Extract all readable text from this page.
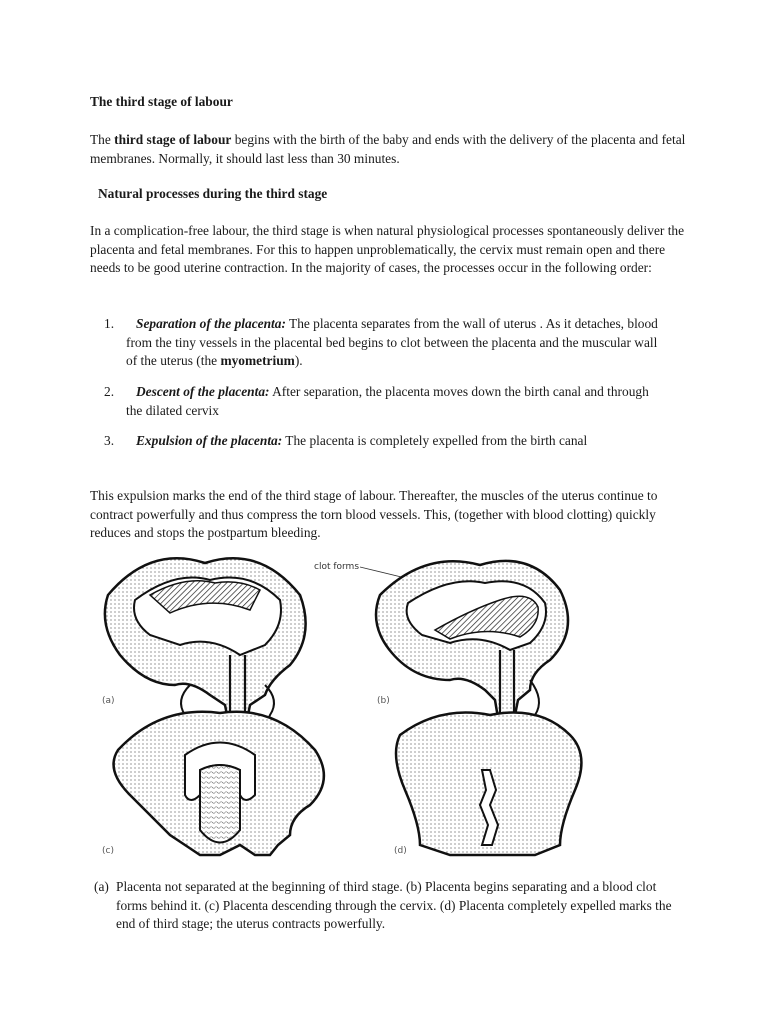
The third stage of labour

The third stage of labour begins with the birth of the baby and ends with the delivery of the placenta and fetal membranes. Normally, it should last less than 30 minutes.

Natural processes during the third stage

In a complication-free labour, the third stage is when natural physiological processes spontaneously deliver the placenta and fetal membranes. For this to happen unproblematically, the cervix must remain open and there needs to be good uterine contraction. In the majority of cases, the processes occur in the following order:

1.	Separation of the placenta: The placenta separates from the wall of uterus . As it detaches, blood from the tiny vessels in the placental bed begins to clot between the placenta and the muscular wall of the uterus (the myometrium).
2.	Descent of the placenta: After separation, the placenta moves down the birth canal and through the dilated cervix
3.	Expulsion of the placenta: The placenta is completely expelled from the birth canal

This expulsion marks the end of the third stage of labour. Thereafter, the muscles of the uterus continue to contract powerfully and thus compress the torn blood vessels. This, (together with blood clotting) quickly reduces and stops the postpartum bleeding.

(a)
clot forms
(b)
(c)	(d)
(a) Placenta not separated at the beginning of third stage. (b) Placenta begins separating and a blood clot forms behind it. (c) Placenta descending through the cervix. (d) Placenta completely expelled marks the end of third stage; the uterus contracts powerfully.
